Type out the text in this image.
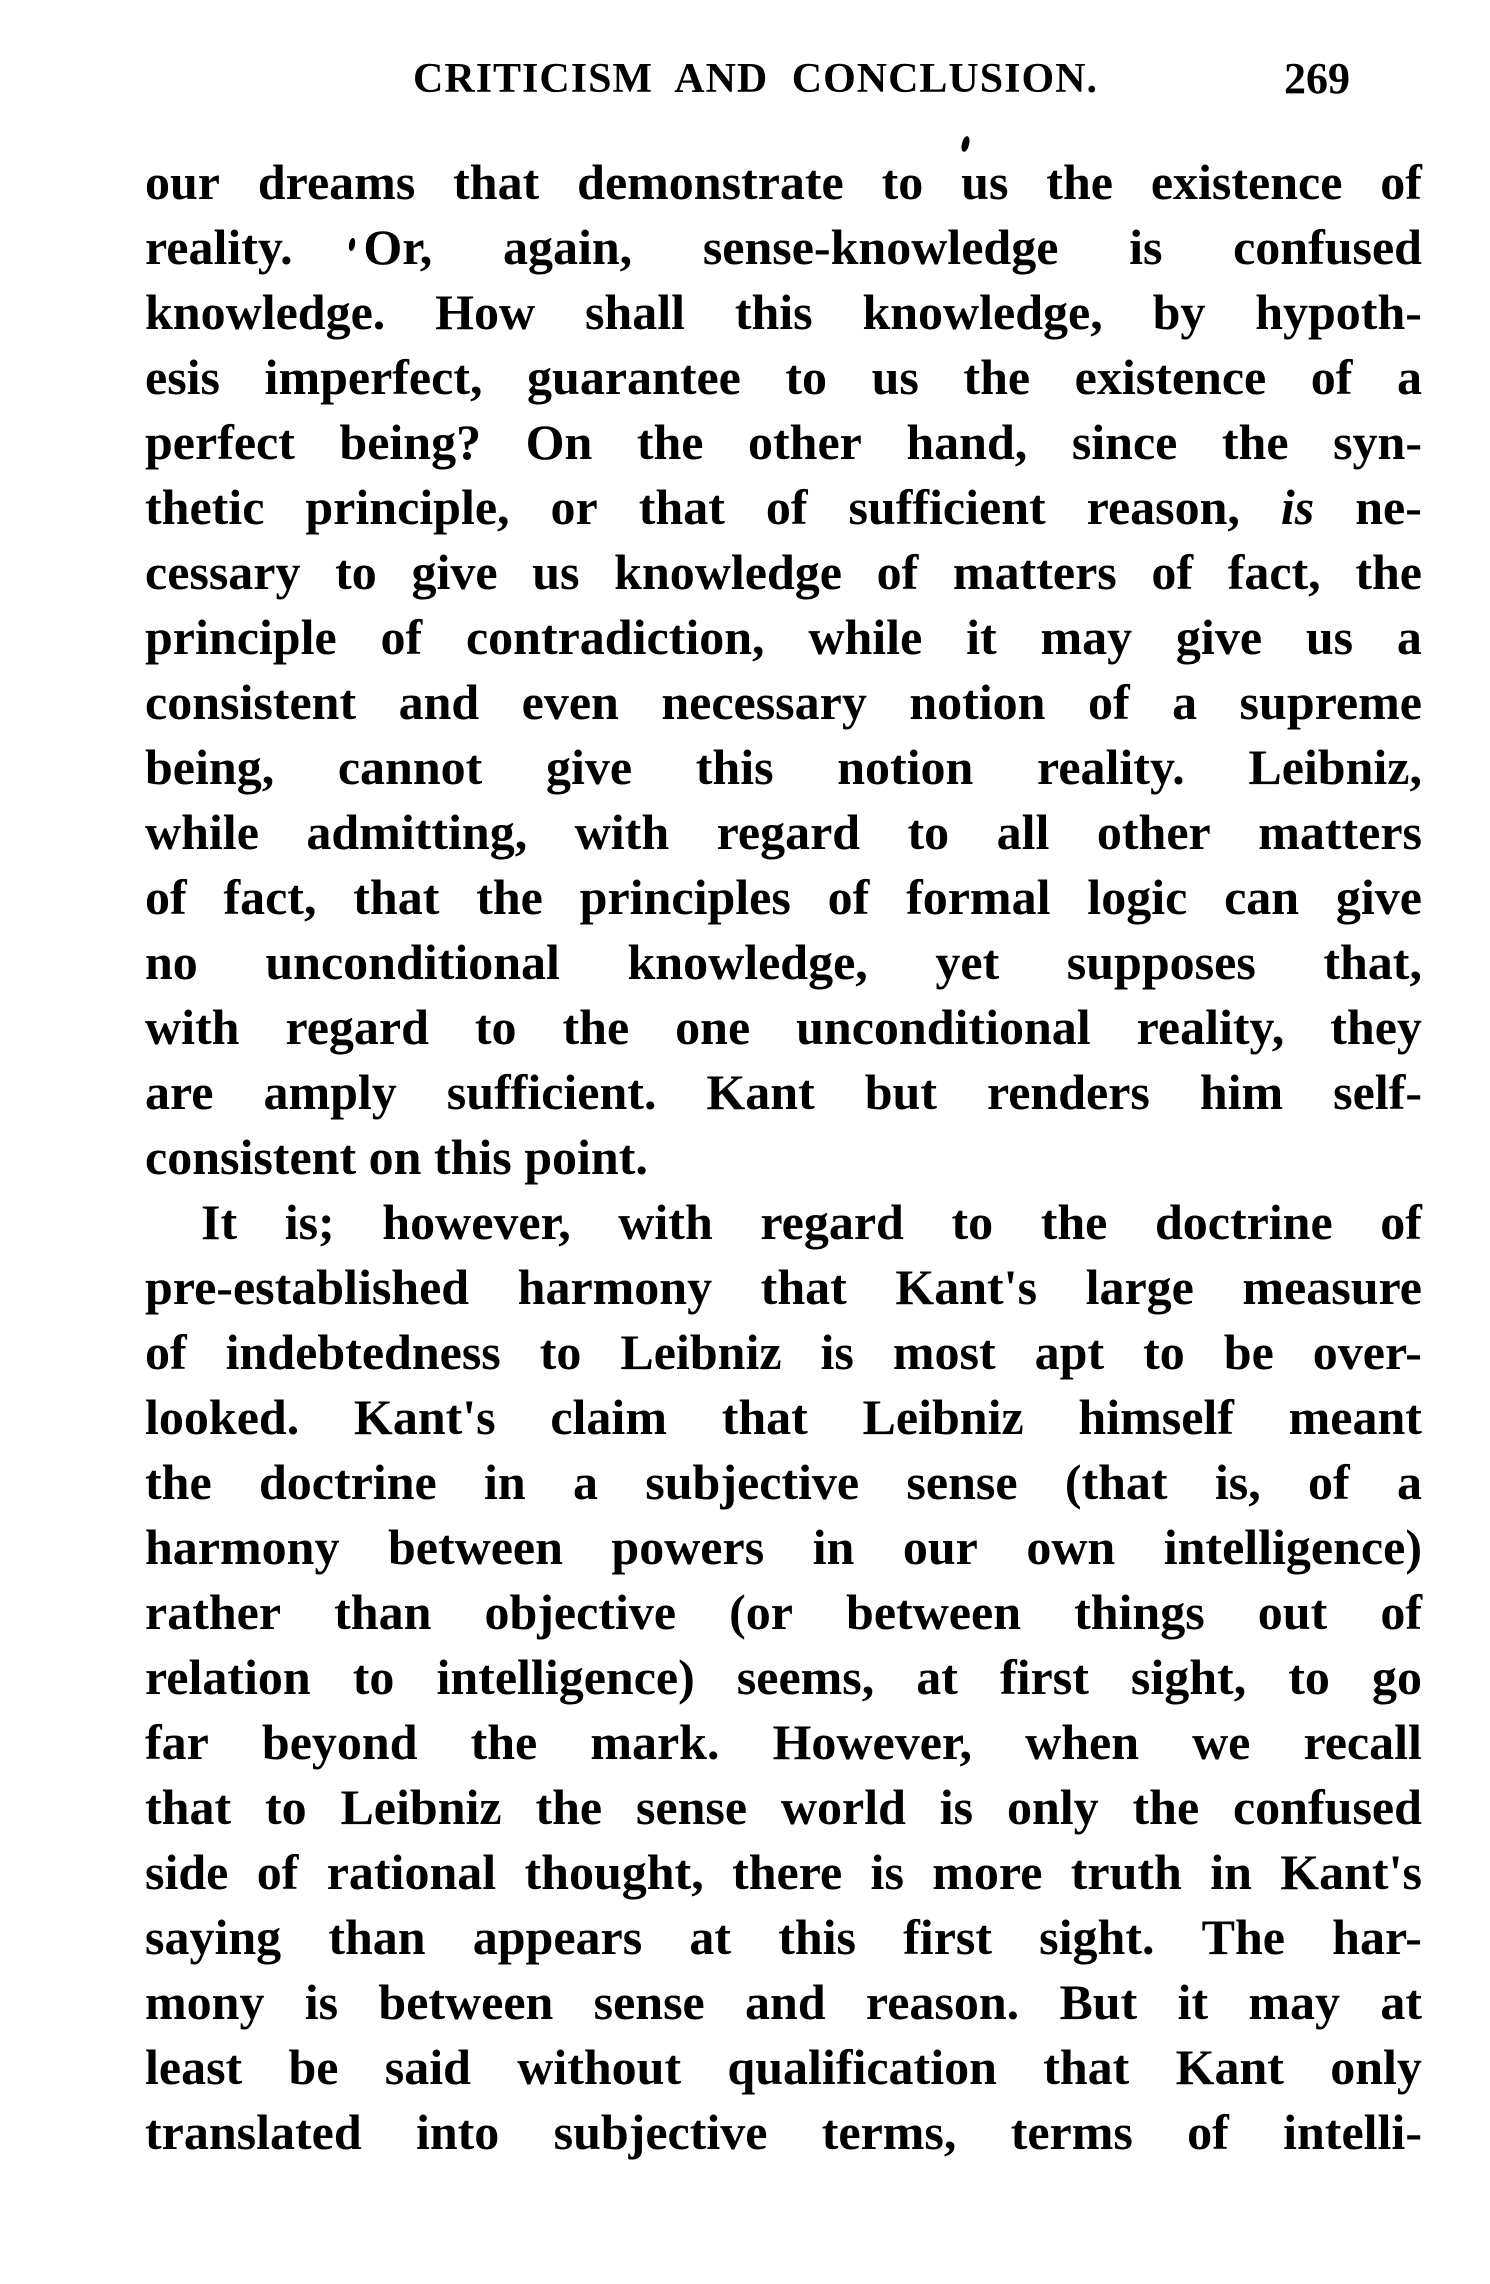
CRITICISM AND CONCLUSION.	269
our dreams that demonstrate to us the existence of
reality. Or, again, sense-knowledge is confused
knowledge. How shall this knowledge, by hypoth-
esis imperfect, guarantee to us the existence of a
perfect being? On the other hand, since the syn-
thetic principle, or that of sufficient reason, is ne-
cessary to give us knowledge of matters of fact, the
principle of contradiction, while it may give us a
consistent and even necessary notion of a supreme
being, cannot give this notion reality. Leibniz,
while admitting, with regard to all other matters
of fact, that the principles of formal logic can give
no unconditional knowledge, yet supposes that,
with regard to the one unconditional reality, they
are amply sufficient. Kant but renders him self-
consistent on this point.
It is; however, with regard to the doctrine of
pre-established harmony that Kant's large measure
of indebtedness to Leibniz is most apt to be over-
looked. Kant's claim that Leibniz himself meant
the doctrine in a subjective sense (that is, of a
harmony between powers in our own intelligence)
rather than objective (or between things out of
relation to intelligence) seems, at first sight, to go
far beyond the mark. However, when we recall
that to Leibniz the sense world is only the confused
side of rational thought, there is more truth in Kant's
saying than appears at this first sight. The har-
mony is between sense and reason. But it may at
least be said without qualification that Kant only
translated into subjective terms, terms of intelli-
